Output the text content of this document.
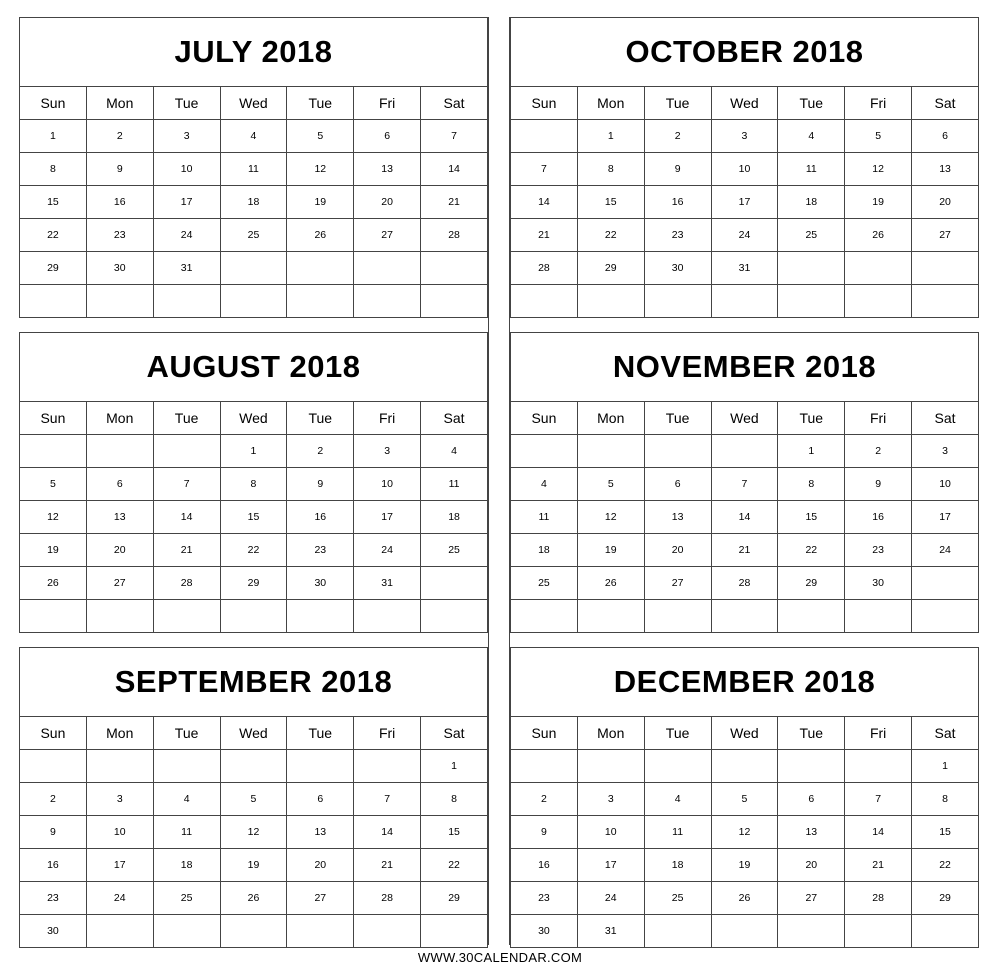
JULY 2018						
Sun	Mon	Tue	Wed	Tue	Fri	Sat
1	2	3	4	5	6	7
8	9	10	11	12	13	14
15	16	17	18	19	20	21
22	23	24	25	26	27	28
29	30	31				

OCTOBER 2018						
Sun	Mon	Tue	Wed	Tue	Fri	Sat
	1	2	3	4	5	6
7	8	9	10	11	12	13
14	15	16	17	18	19	20
21	22	23	24	25	26	27
28	29	30	31			

AUGUST 2018						
Sun	Mon	Tue	Wed	Tue	Fri	Sat
			1	2	3	4
5	6	7	8	9	10	11
12	13	14	15	16	17	18
19	20	21	22	23	24	25
26	27	28	29	30	31	

NOVEMBER 2018						
Sun	Mon	Tue	Wed	Tue	Fri	Sat
				1	2	3
4	5	6	7	8	9	10
11	12	13	14	15	16	17
18	19	20	21	22	23	24
25	26	27	28	29	30	

SEPTEMBER 2018						
Sun	Mon	Tue	Wed	Tue	Fri	Sat
						1
2	3	4	5	6	7	8
9	10	11	12	13	14	15
16	17	18	19	20	21	22
23	24	25	26	27	28	29
30						
DECEMBER 2018						
Sun	Mon	Tue	Wed	Tue	Fri	Sat
						1
2	3	4	5	6	7	8
9	10	11	12	13	14	15
16	17	18	19	20	21	22
23	24	25	26	27	28	29
30	31					
WWW.30CALENDAR.COM
